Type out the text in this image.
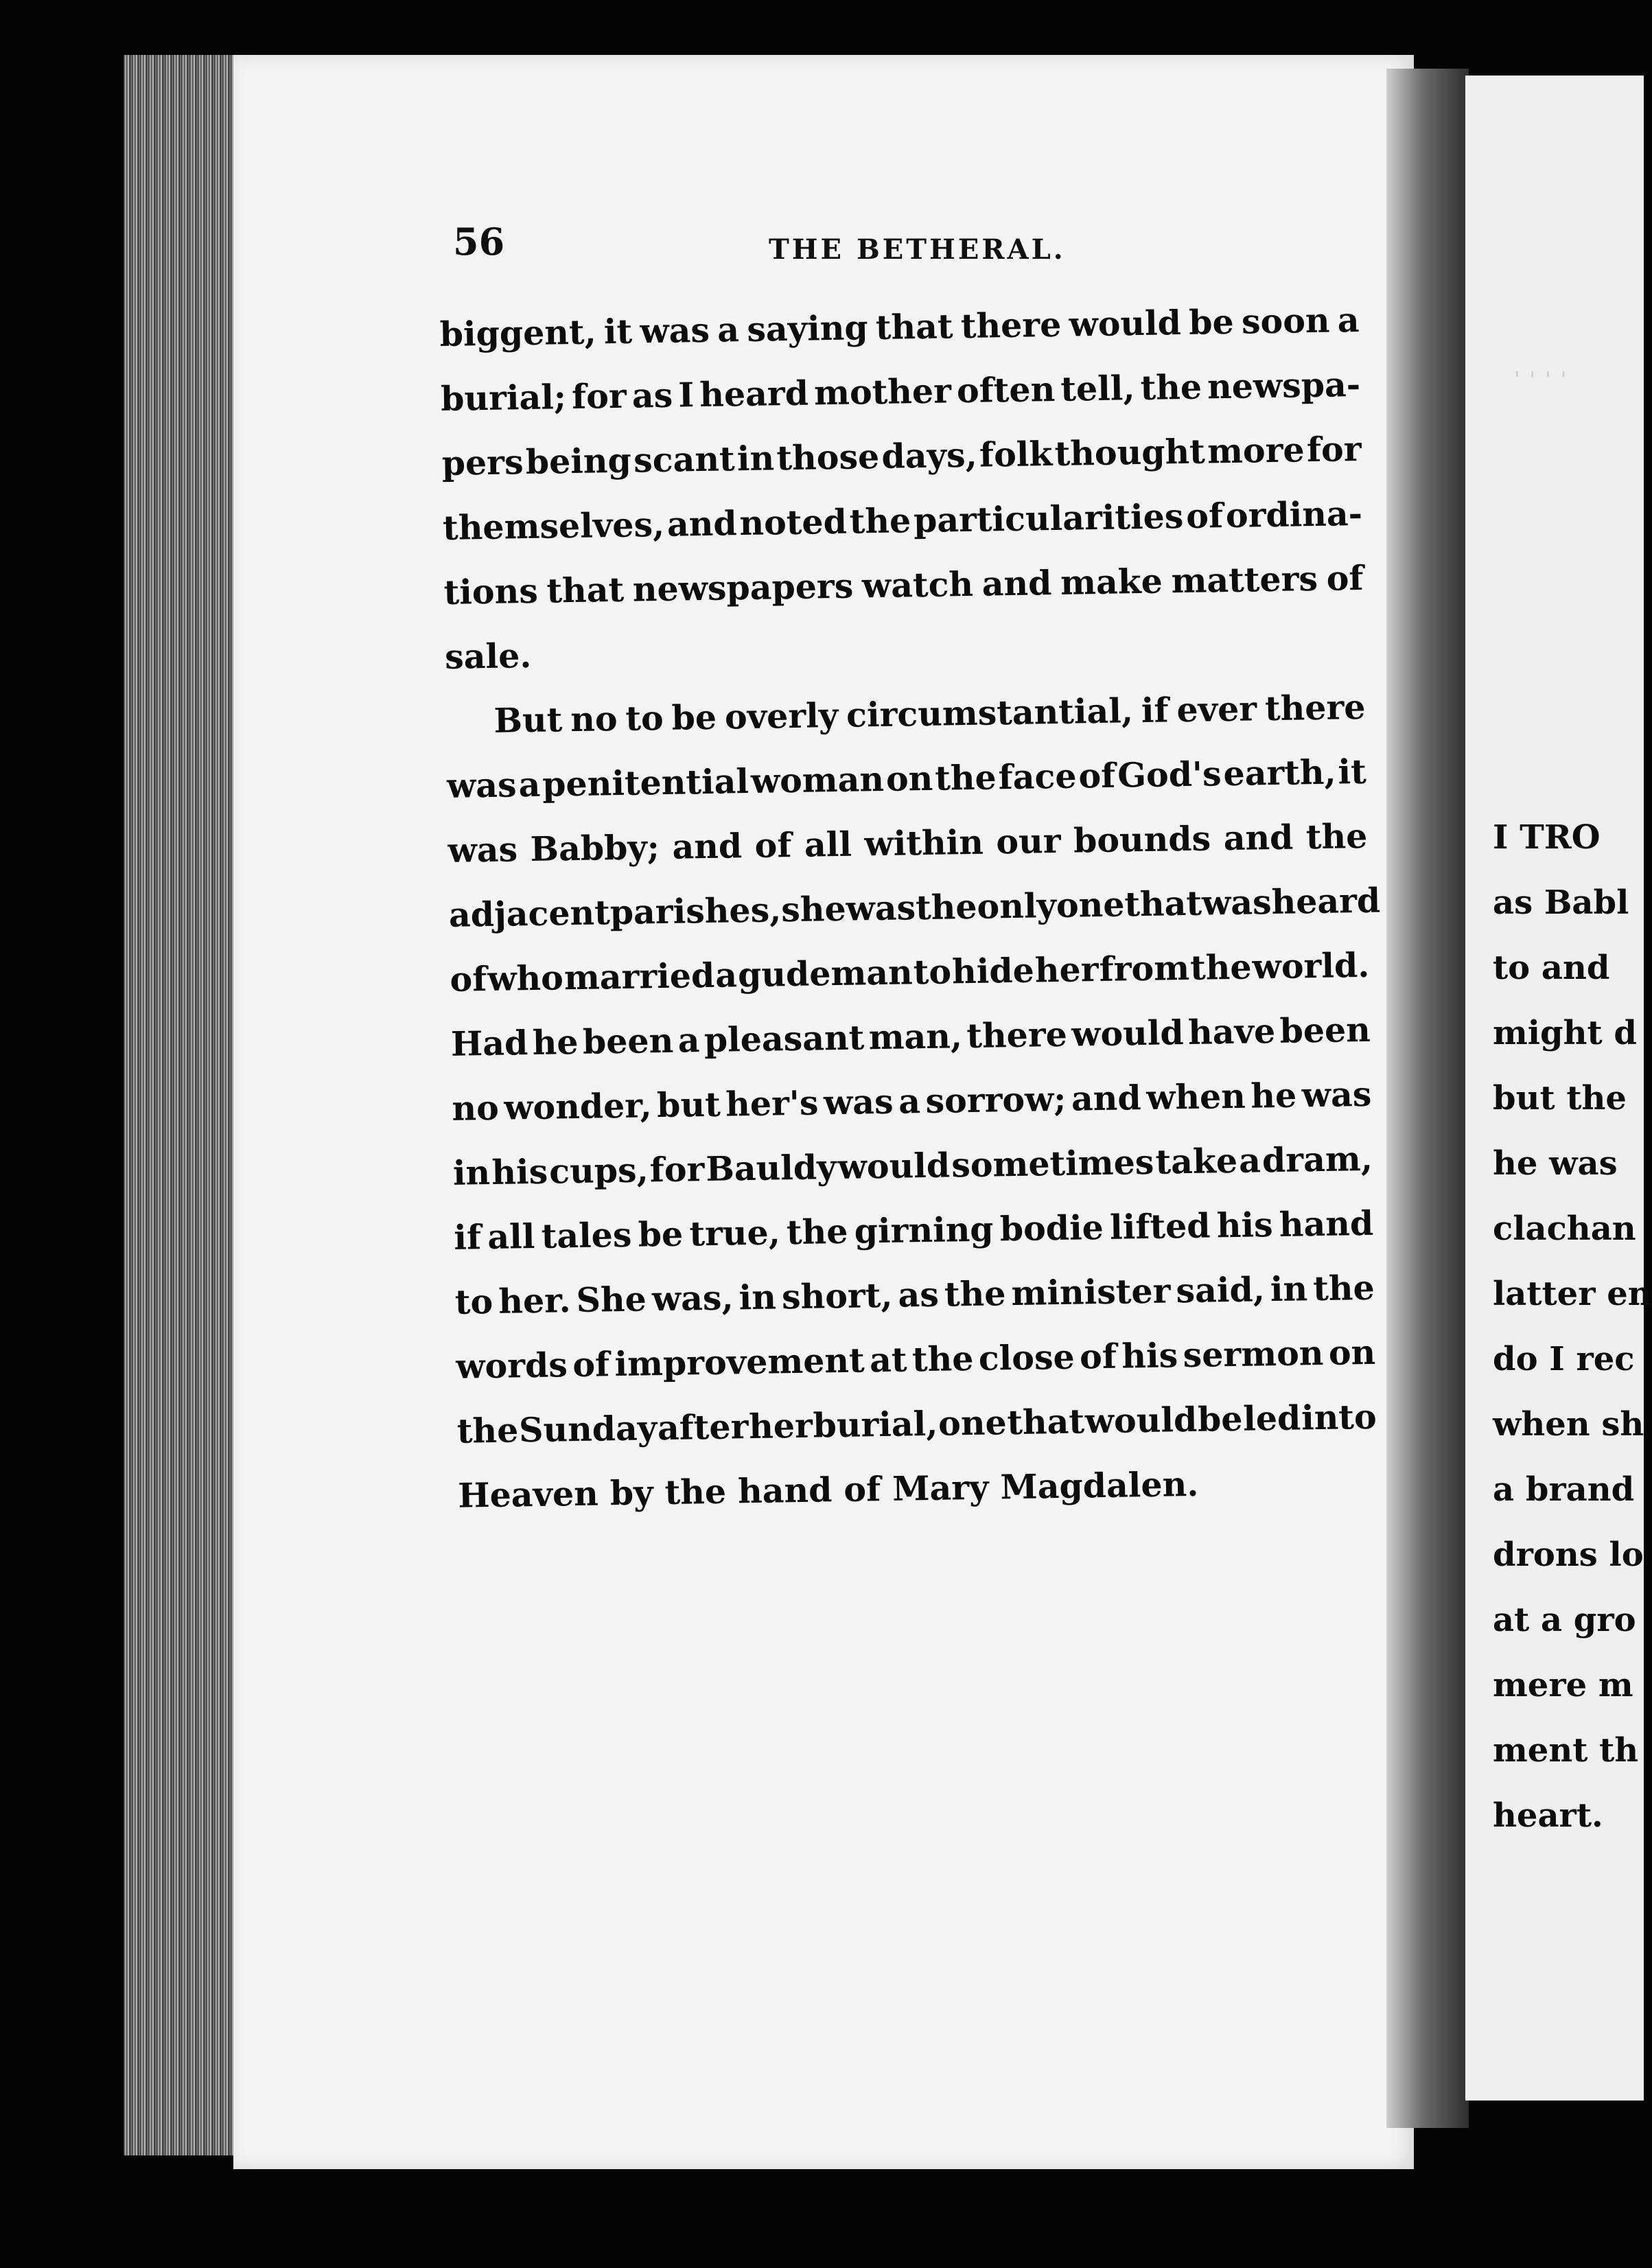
ˌ ˌ ˌ ˌ
I TRO
as Babl
to and
might d
but the
he was
clachan
latter en
do I rec
when sh
a brand
drons lo
at a gro
mere m
ment th
heart.
56	THE BETHERAL.
biggent, it was a saying that there would be soon a
burial; for as I heard mother often tell, the newspa-
pers being scant in those days, folk thought more for
themselves, and noted the particularities of ordina-
tions that newspapers watch and make matters of
sale.
But no to be overly circumstantial, if ever there
was a penitential woman on the face of God's earth, it
was Babby; and of all within our bounds and the
adjacent parishes, she was the only one that was heard
of who married a gudeman to hide her from the world.
Had he been a pleasant man, there would have been
no wonder, but her's was a sorrow; and when he was
in his cups, for Bauldy would sometimes take a dram,
if all tales be true, the girning bodie lifted his hand
to her. She was, in short, as the minister said, in the
words of improvement at the close of his sermon on
the Sunday after her burial, one that would be led into
Heaven by the hand of Mary Magdalen.
